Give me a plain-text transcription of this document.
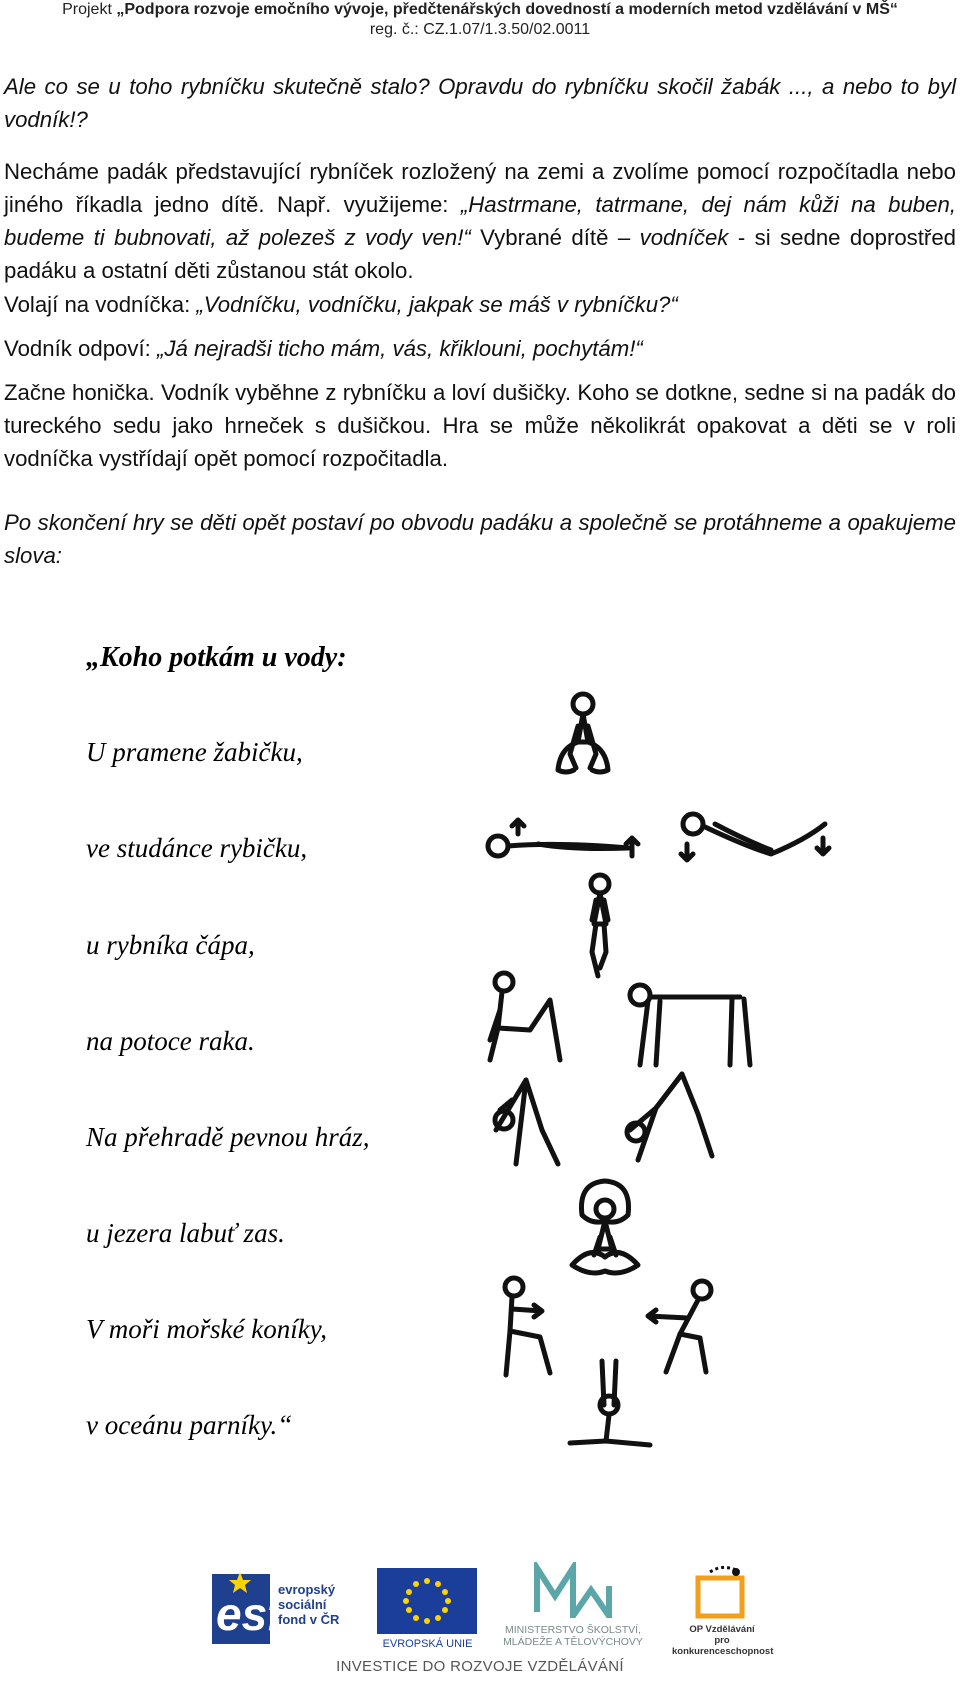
Projekt „Podpora rozvoje emočního vývoje, předčtenářských dovedností a moderních metod vzdělávání v MŠ“
reg. č.: CZ.1.07/1.3.50/02.0011
Ale co se u toho rybníčku skutečně stalo? Opravdu do rybníčku skočil žabák ..., a nebo to byl vodník!?
Necháme padák představující rybníček rozložený na zemi a zvolíme pomocí rozpočítadla nebo jiného říkadla jedno dítě. Např. využijeme: „Hastrmane, tatrmane, dej nám kůži na buben, budeme ti bubnovati, až polezeš z vody ven!“ Vybrané dítě – vodníček - si sedne doprostřed padáku a ostatní děti zůstanou stát okolo.
Volají na vodníčka: „Vodníčku, vodníčku, jakpak se máš v rybníčku?“
Vodník odpoví: „Já nejradši ticho mám, vás, křiklouni, pochytám!“
Začne honička. Vodník vyběhne z rybníčku a loví dušičky. Koho se dotkne, sedne si na padák do tureckého sedu jako hrneček s dušičkou. Hra se může několikrát opakovat a děti se v roli vodníčka vystřídají opět pomocí rozpočitadla.
Po skončení hry se děti opět postaví po obvodu padáku a společně se protáhneme a opakujeme slova:
„Koho potkám u vody:
U pramene žabičku,
ve studánce rybičku,
u rybníka čápa,
na potoce raka.
Na přehradě pevnou hráz,
u jezera labuť zas.
V moři mořské koníky,
v oceánu parníky.“
esf
evropský
sociální
fond v ČR
EVROPSKÁ UNIE
MINISTERSTVO ŠKOLSTVÍ,
MLÁDEŽE A TĚLOVÝCHOVY
OP Vzdělávání
pro konkurenceschopnost
INVESTICE DO ROZVOJE VZDĚLÁVÁNÍ
